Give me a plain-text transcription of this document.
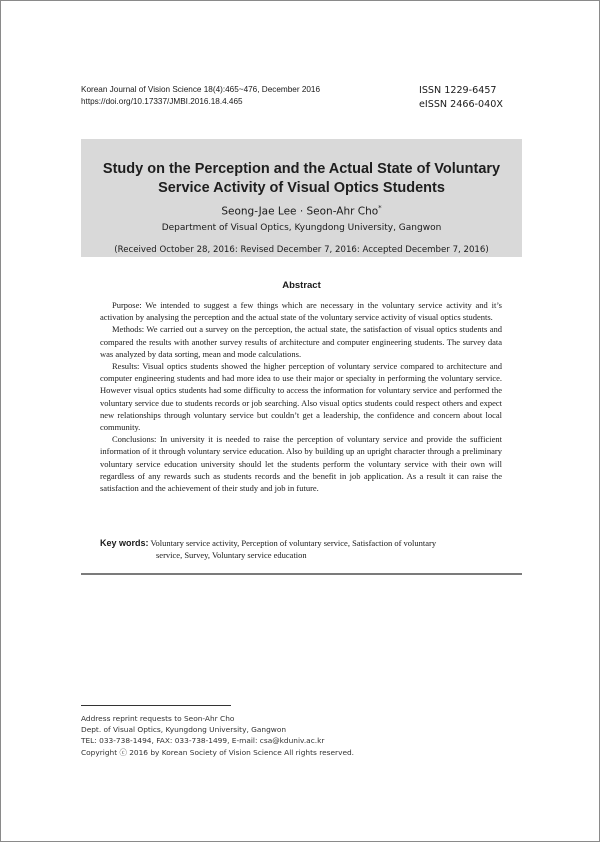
Korean Journal of Vision Science 18(4):465~476, December 2016
https://doi.org/10.17337/JMBI.2016.18.4.465
ISSN 1229-6457
eISSN 2466-040X
Study on the Perception and the Actual State of Voluntary
Service Activity of Visual Optics Students
Seong-Jae Lee · Seon-Ahr Cho*
Department of Visual Optics, Kyungdong University, Gangwon
(Received October 28, 2016: Revised December 7, 2016: Accepted December 7, 2016)
Abstract

Purpose: We intended to suggest a few things which are necessary in the voluntary service activity and it’s activation by analysing the perception and the actual state of the voluntary service activity of visual optics students.

Methods: We carried out a survey on the perception, the actual state, the satisfaction of visual optics students and compared the results with another survey results of architecture and computer engineering students. The survey data was analyzed by data sorting, mean and mode calculations.

Results: Visual optics students showed the higher perception of voluntary service compared to architecture and computer engineering students and had more idea to use their major or specialty in performing the voluntary service. However visual optics students had some difficulty to access the information for voluntary service and performed the voluntary service due to students records or job searching. Also visual optics students could respect others and expect new relationships through voluntary service but couldn’t get a leadership, the confidence and concern about local community.

Conclusions: In university it is needed to raise the perception of voluntary service and provide the sufficient information of it through voluntary service education. Also by building up an upright character through a preliminary voluntary service education university should let the students perform the voluntary service with their own will regardless of any rewards such as students records and the benefit in job application. As a result it can raise the satisfaction and the achievement of their study and job in future.

Key words: Voluntary service activity, Perception of voluntary service, Satisfaction of voluntary
service, Survey, Voluntary service education
Address reprint requests to Seon-Ahr Cho
Dept. of Visual Optics, Kyungdong University, Gangwon
TEL: 033-738-1494, FAX: 033-738-1499, E-mail: csa@kduniv.ac.kr
Copyright ⓒ 2016 by Korean Society of Vision Science All rights reserved.
